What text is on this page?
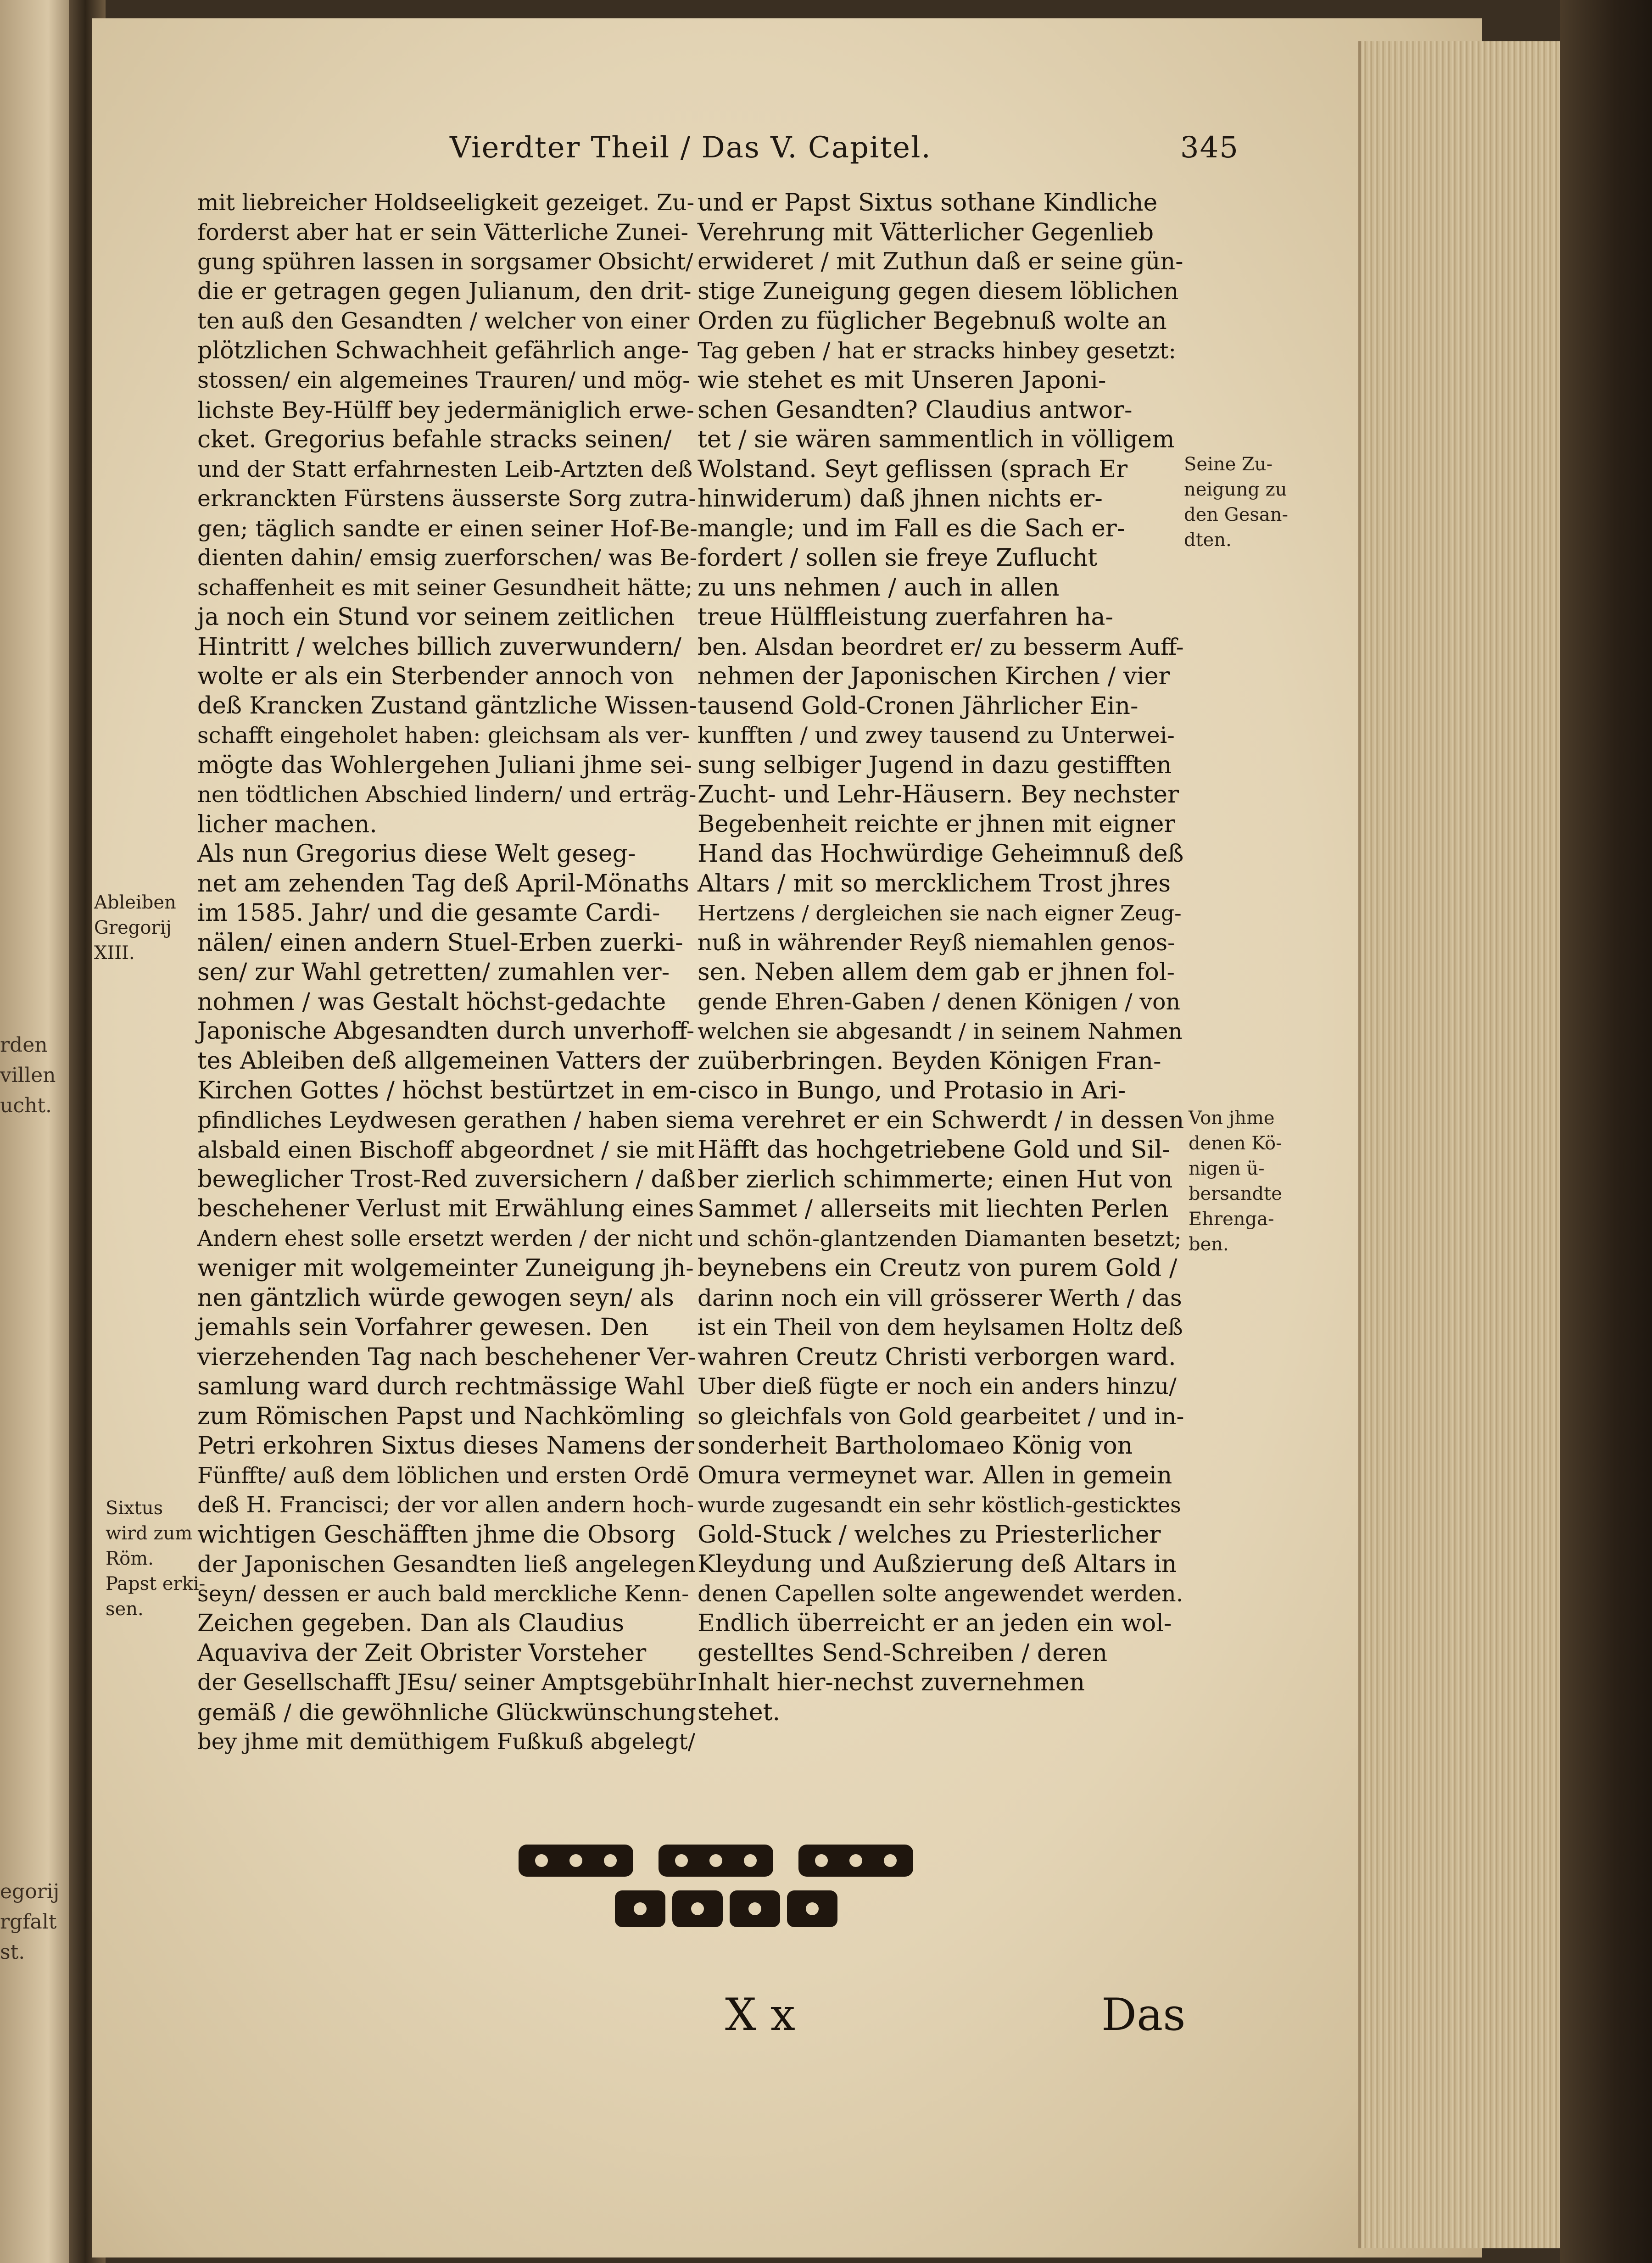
rden
villen
ucht.
egorij
rgfalt
st.
Vierdter Theil / Das V. Capitel.	345
mit liebreicher Holdseeligkeit gezeiget. Zu-
forderst aber hat er sein Vätterliche Zunei-
gung spühren lassen in sorgsamer Obsicht/
die er getragen gegen Julianum, den drit-
ten auß den Gesandten / welcher von einer
plötzlichen Schwachheit gefährlich ange-
stossen/ ein algemeines Trauren/ und mög-
lichste Bey-Hülff bey jedermäniglich erwe-
cket. Gregorius befahle stracks seinen/
und der Statt erfahrnesten Leib-Artzten deß
erkranckten Fürstens äusserste Sorg zutra-
gen; täglich sandte er einen seiner Hof-Be-
dienten dahin/ emsig zuerforschen/ was Be-
schaffenheit es mit seiner Gesundheit hätte;
ja noch ein Stund vor seinem zeitlichen
Hintritt / welches billich zuverwundern/
wolte er als ein Sterbender annoch von
deß Krancken Zustand gäntzliche Wissen-
schafft eingeholet haben: gleichsam als ver-
mögte das Wohlergehen Juliani jhme sei-
nen tödtlichen Abschied lindern/ und erträg-
licher machen.
Als nun Gregorius diese Welt geseg-
net am zehenden Tag deß April-Mönaths
im 1585. Jahr/ und die gesamte Cardi-
nälen/ einen andern Stuel-Erben zuerki-
sen/ zur Wahl getretten/ zumahlen ver-
nohmen / was Gestalt höchst-gedachte
Japonische Abgesandten durch unverhoff-
tes Ableiben deß allgemeinen Vatters der
Kirchen Gottes / höchst bestürtzet in em-
pfindliches Leydwesen gerathen / haben sie
alsbald einen Bischoff abgeordnet / sie mit
beweglicher Trost-Red zuversichern / daß
beschehener Verlust mit Erwählung eines
Andern ehest solle ersetzt werden / der nicht
weniger mit wolgemeinter Zuneigung jh-
nen gäntzlich würde gewogen seyn/ als
jemahls sein Vorfahrer gewesen. Den
vierzehenden Tag nach beschehener Ver-
samlung ward durch rechtmässige Wahl
zum Römischen Papst und Nachkömling
Petri erkohren Sixtus dieses Namens der
Fünffte/ auß dem löblichen und ersten Ordē
deß H. Francisci; der vor allen andern hoch-
wichtigen Geschäfften jhme die Obsorg
der Japonischen Gesandten ließ angelegen
seyn/ dessen er auch bald merckliche Kenn-
Zeichen gegeben. Dan als Claudius
Aquaviva der Zeit Obrister Vorsteher
der Gesellschafft JEsu/ seiner Amptsgebühr
gemäß / die gewöhnliche Glückwünschung
bey jhme mit demüthigem Fußkuß abgelegt/
und er Papst Sixtus sothane Kindliche
Verehrung mit Vätterlicher Gegenlieb
erwideret / mit Zuthun daß er seine gün-
stige Zuneigung gegen diesem löblichen
Orden zu füglicher Begebnuß wolte an
Tag geben / hat er stracks hinbey gesetzt:
wie stehet es mit Unseren Japoni-
schen Gesandten? Claudius antwor-
tet / sie wären sammentlich in völligem
Wolstand. Seyt geflissen (sprach Er
hinwiderum) daß jhnen nichts er-
mangle; und im Fall es die Sach er-
fordert / sollen sie freye Zuflucht
zu uns nehmen / auch in allen
treue Hülffleistung zuerfahren ha-
ben. Alsdan beordret er/ zu besserm Auff-
nehmen der Japonischen Kirchen / vier
tausend Gold-Cronen Jährlicher Ein-
kunfften / und zwey tausend zu Unterwei-
sung selbiger Jugend in dazu gestifften
Zucht- und Lehr-Häusern. Bey nechster
Begebenheit reichte er jhnen mit eigner
Hand das Hochwürdige Geheimnuß deß
Altars / mit so mercklichem Trost jhres
Hertzens / dergleichen sie nach eigner Zeug-
nuß in währender Reyß niemahlen genos-
sen. Neben allem dem gab er jhnen fol-
gende Ehren-Gaben / denen Königen / von
welchen sie abgesandt / in seinem Nahmen
zuüberbringen. Beyden Königen Fran-
cisco in Bungo, und Protasio in Ari-
ma verehret er ein Schwerdt / in dessen
Häfft das hochgetriebene Gold und Sil-
ber zierlich schimmerte; einen Hut von
Sammet / allerseits mit liechten Perlen
und schön-glantzenden Diamanten besetzt;
beynebens ein Creutz von purem Gold /
darinn noch ein vill grösserer Werth / das
ist ein Theil von dem heylsamen Holtz deß
wahren Creutz Christi verborgen ward.
Uber dieß fügte er noch ein anders hinzu/
so gleichfals von Gold gearbeitet / und in-
sonderheit Bartholomaeo König von
Omura vermeynet war. Allen in gemein
wurde zugesandt ein sehr köstlich-gesticktes
Gold-Stuck / welches zu Priesterlicher
Kleydung und Außzierung deß Altars in
denen Capellen solte angewendet werden.
Endlich überreicht er an jeden ein wol-
gestelltes Send-Schreiben / deren
Inhalt hier-nechst zuvernehmen
stehet.
Ableiben
Gregorij
XIII.
Sixtus
wird zum
Röm.
Papst erki-
sen.
Seine Zu-
neigung zu
den Gesan-
dten.
Von jhme
denen Kö-
nigen ü-
bersandte
Ehrenga-
ben.
X x	Das
